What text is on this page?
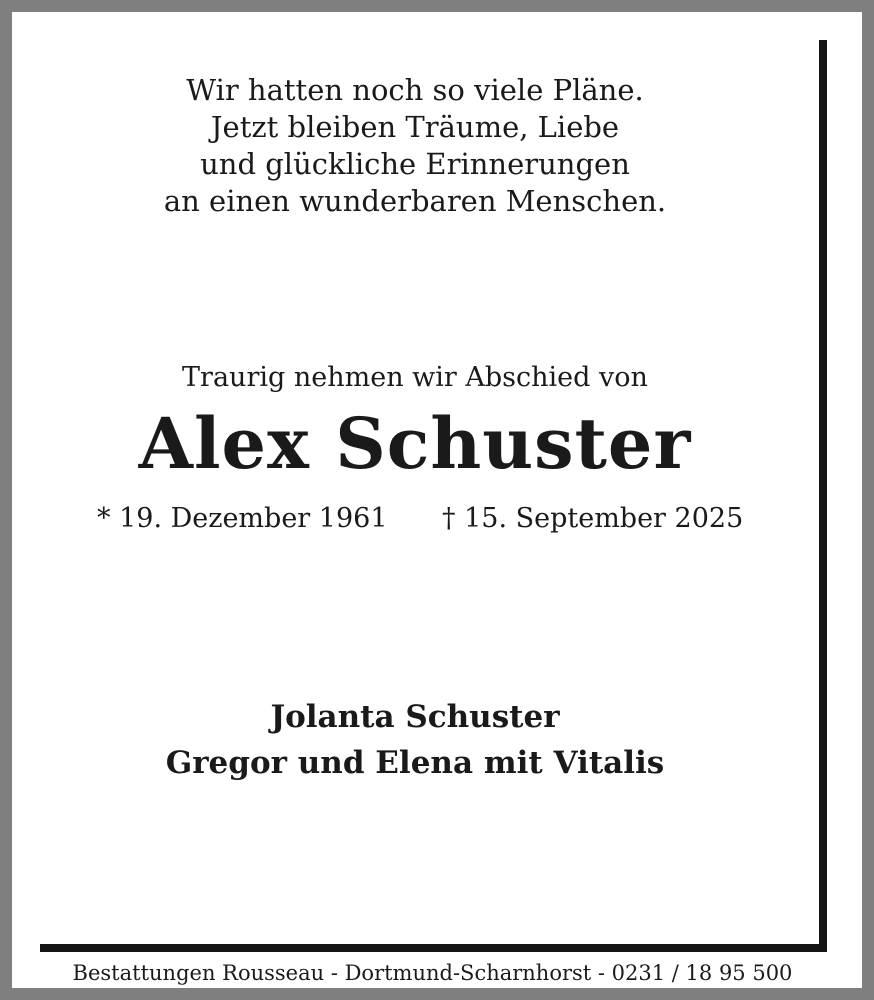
Wir hatten noch so viele Pläne.
Jetzt bleiben Träume, Liebe
und glückliche Erinnerungen
an einen wunderbaren Menschen.
Traurig nehmen wir Abschied von
Alex Schuster
* 19. Dezember 1961 † 15. September 2025
Jolanta Schuster
Gregor und Elena mit Vitalis
Bestattungen Rousseau - Dortmund-Scharnhorst - 0231 / 18 95 500
